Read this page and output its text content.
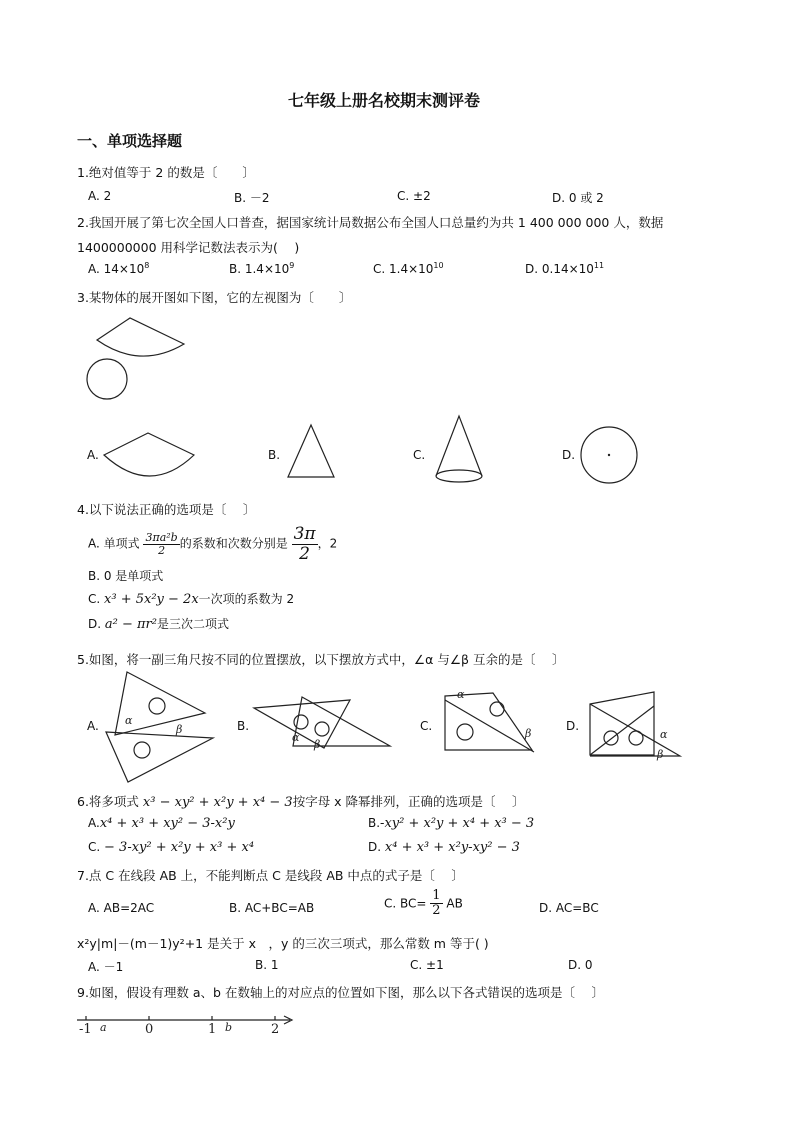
七年级上册名校期末测评卷
一、单项选择题
1.绝对值等于 2 的数是〔　　〕
A. 2	B. －2	C. ±2	D. 0 或 2
2.我国开展了第七次全国人口普查，据国家统计局数据公布全国人口总量约为共 1 400 000 000 人，数据
1400000000 用科学记数法表示为(　 )
A. $14\times 10^8$	B. $1.4\times 10^9$	C. $1.4\times 10^{10}$	D. $0.14\times 10^{11}$
3.某物体的展开图如下图，它的左视图为〔　　〕
A.	B.	C.	D.
4.以下说法正确的选项是〔　 〕
A. 单项式 $\frac{\text{3πa²b}}{2}$ 的系数和次数分别是 $\frac{3\pi}{2}$ ，2
B. 0 是单项式
C. x³ + 5x²y − 2x一次项的系数为 2
D. a² − πr²是三次二项式
5.如图，将一副三角尺按不同的位置摆放，以下摆放方式中，∠α 与∠β 互余的是〔　 〕
α
β
α
β
α
β	α
β
A.	B.	C.	D.
6.将多项式 x³ − xy² + x²y + x⁴ − 3按字母 x 降幂排列，正确的选项是〔　 〕
A.x⁴ + x³ + xy² − 3-x²y	B.-xy² + x²y + x⁴ + x³ − 3
C. − 3-xy² + x²y + x³ + x⁴	D. x⁴ + x³ + x²y-xy² − 3
7.点 C 在线段 AB 上，不能判断点 C 是线段 AB 中点的式子是〔　 〕
A. AB=2AC	B. AC+BC=AB	C. $BC= \frac{1}{2}$ AB	D. AC=BC
x²y|m|－(m－1)y²+1 是关于 x　，y 的三次三项式，那么常数 m 等于( )
A. －1	B. 1	C. ±1	D. 0
9.如图，假设有理数 a、b 在数轴上的对应点的位置如下图，那么以下各式错误的选项是〔　 〕
-1 a	0	1 b	2
